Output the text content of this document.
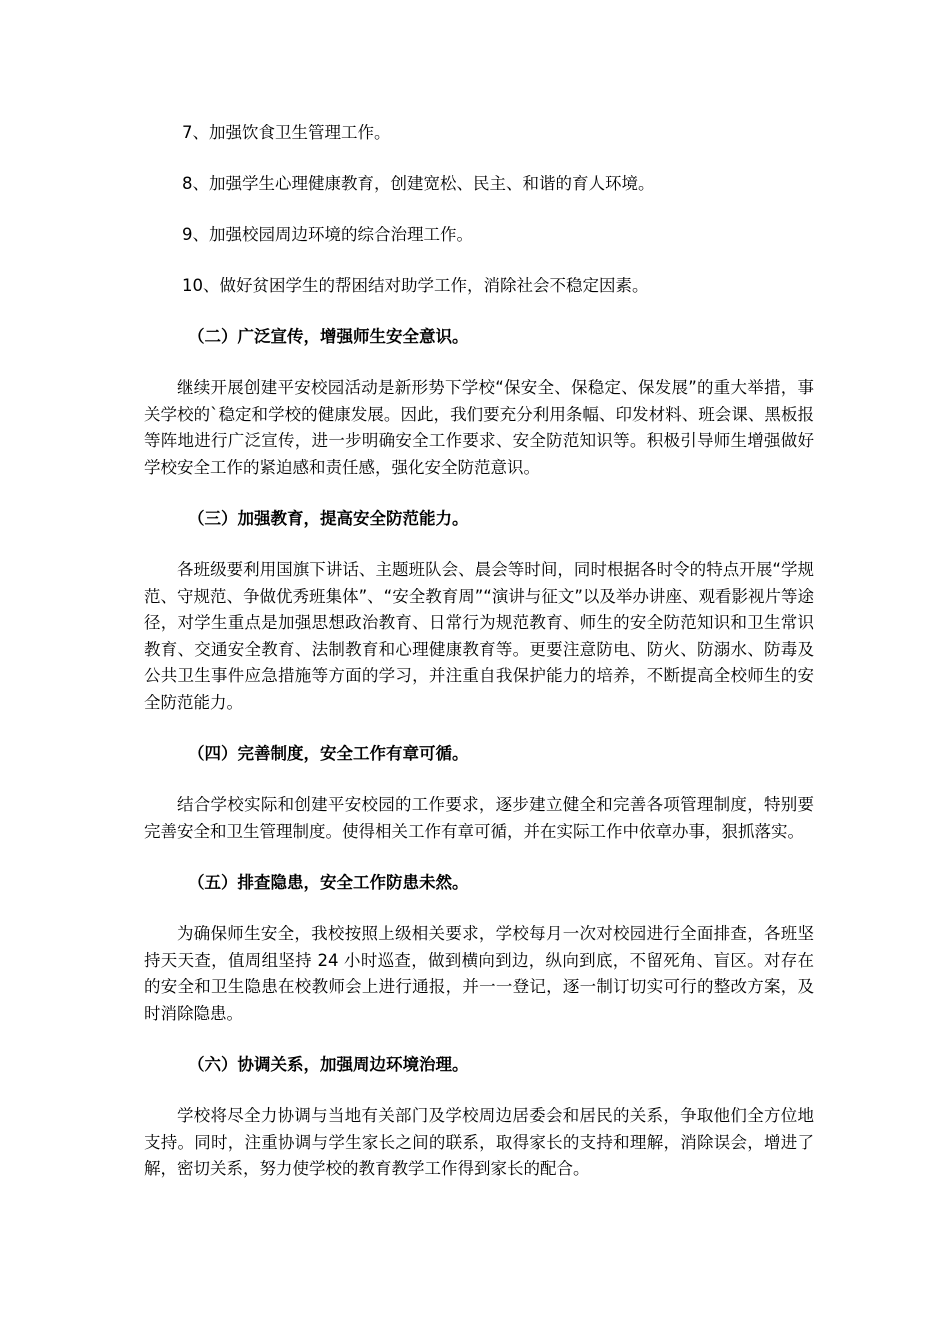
7、加强饮食卫生管理工作。

8、加强学生心理健康教育，创建宽松、民主、和谐的育人环境。

9、加强校园周边环境的综合治理工作。

10、做好贫困学生的帮困结对助学工作，消除社会不稳定因素。

（二）广泛宣传，增强师生安全意识。

继续开展创建平安校园活动是新形势下学校“保安全、保稳定、保发展”的重大举措，事关学校的`稳定和学校的健康发展。因此，我们要充分利用条幅、印发材料、班会课、黑板报等阵地进行广泛宣传，进一步明确安全工作要求、安全防范知识等。积极引导师生增强做好学校安全工作的紧迫感和责任感，强化安全防范意识。

（三）加强教育，提高安全防范能力。

各班级要利用国旗下讲话、主题班队会、晨会等时间，同时根据各时令的特点开展“学规范、守规范、争做优秀班集体”、“安全教育周”“演讲与征文”以及举办讲座、观看影视片等途径，对学生重点是加强思想政治教育、日常行为规范教育、师生的安全防范知识和卫生常识教育、交通安全教育、法制教育和心理健康教育等。更要注意防电、防火、防溺水、防毒及公共卫生事件应急措施等方面的学习，并注重自我保护能力的培养，不断提高全校师生的安全防范能力。

（四）完善制度，安全工作有章可循。

结合学校实际和创建平安校园的工作要求，逐步建立健全和完善各项管理制度，特别要完善安全和卫生管理制度。使得相关工作有章可循，并在实际工作中依章办事，狠抓落实。

（五）排查隐患，安全工作防患未然。

为确保师生安全，我校按照上级相关要求，学校每月一次对校园进行全面排查，各班坚持天天查，值周组坚持 24 小时巡查，做到横向到边，纵向到底，不留死角、盲区。对存在的安全和卫生隐患在校教师会上进行通报，并一一登记，逐一制订切实可行的整改方案，及时消除隐患。

（六）协调关系，加强周边环境治理。

学校将尽全力协调与当地有关部门及学校周边居委会和居民的关系，争取他们全方位地支持。同时，注重协调与学生家长之间的联系，取得家长的支持和理解，消除误会，增进了解，密切关系，努力使学校的教育教学工作得到家长的配合。
